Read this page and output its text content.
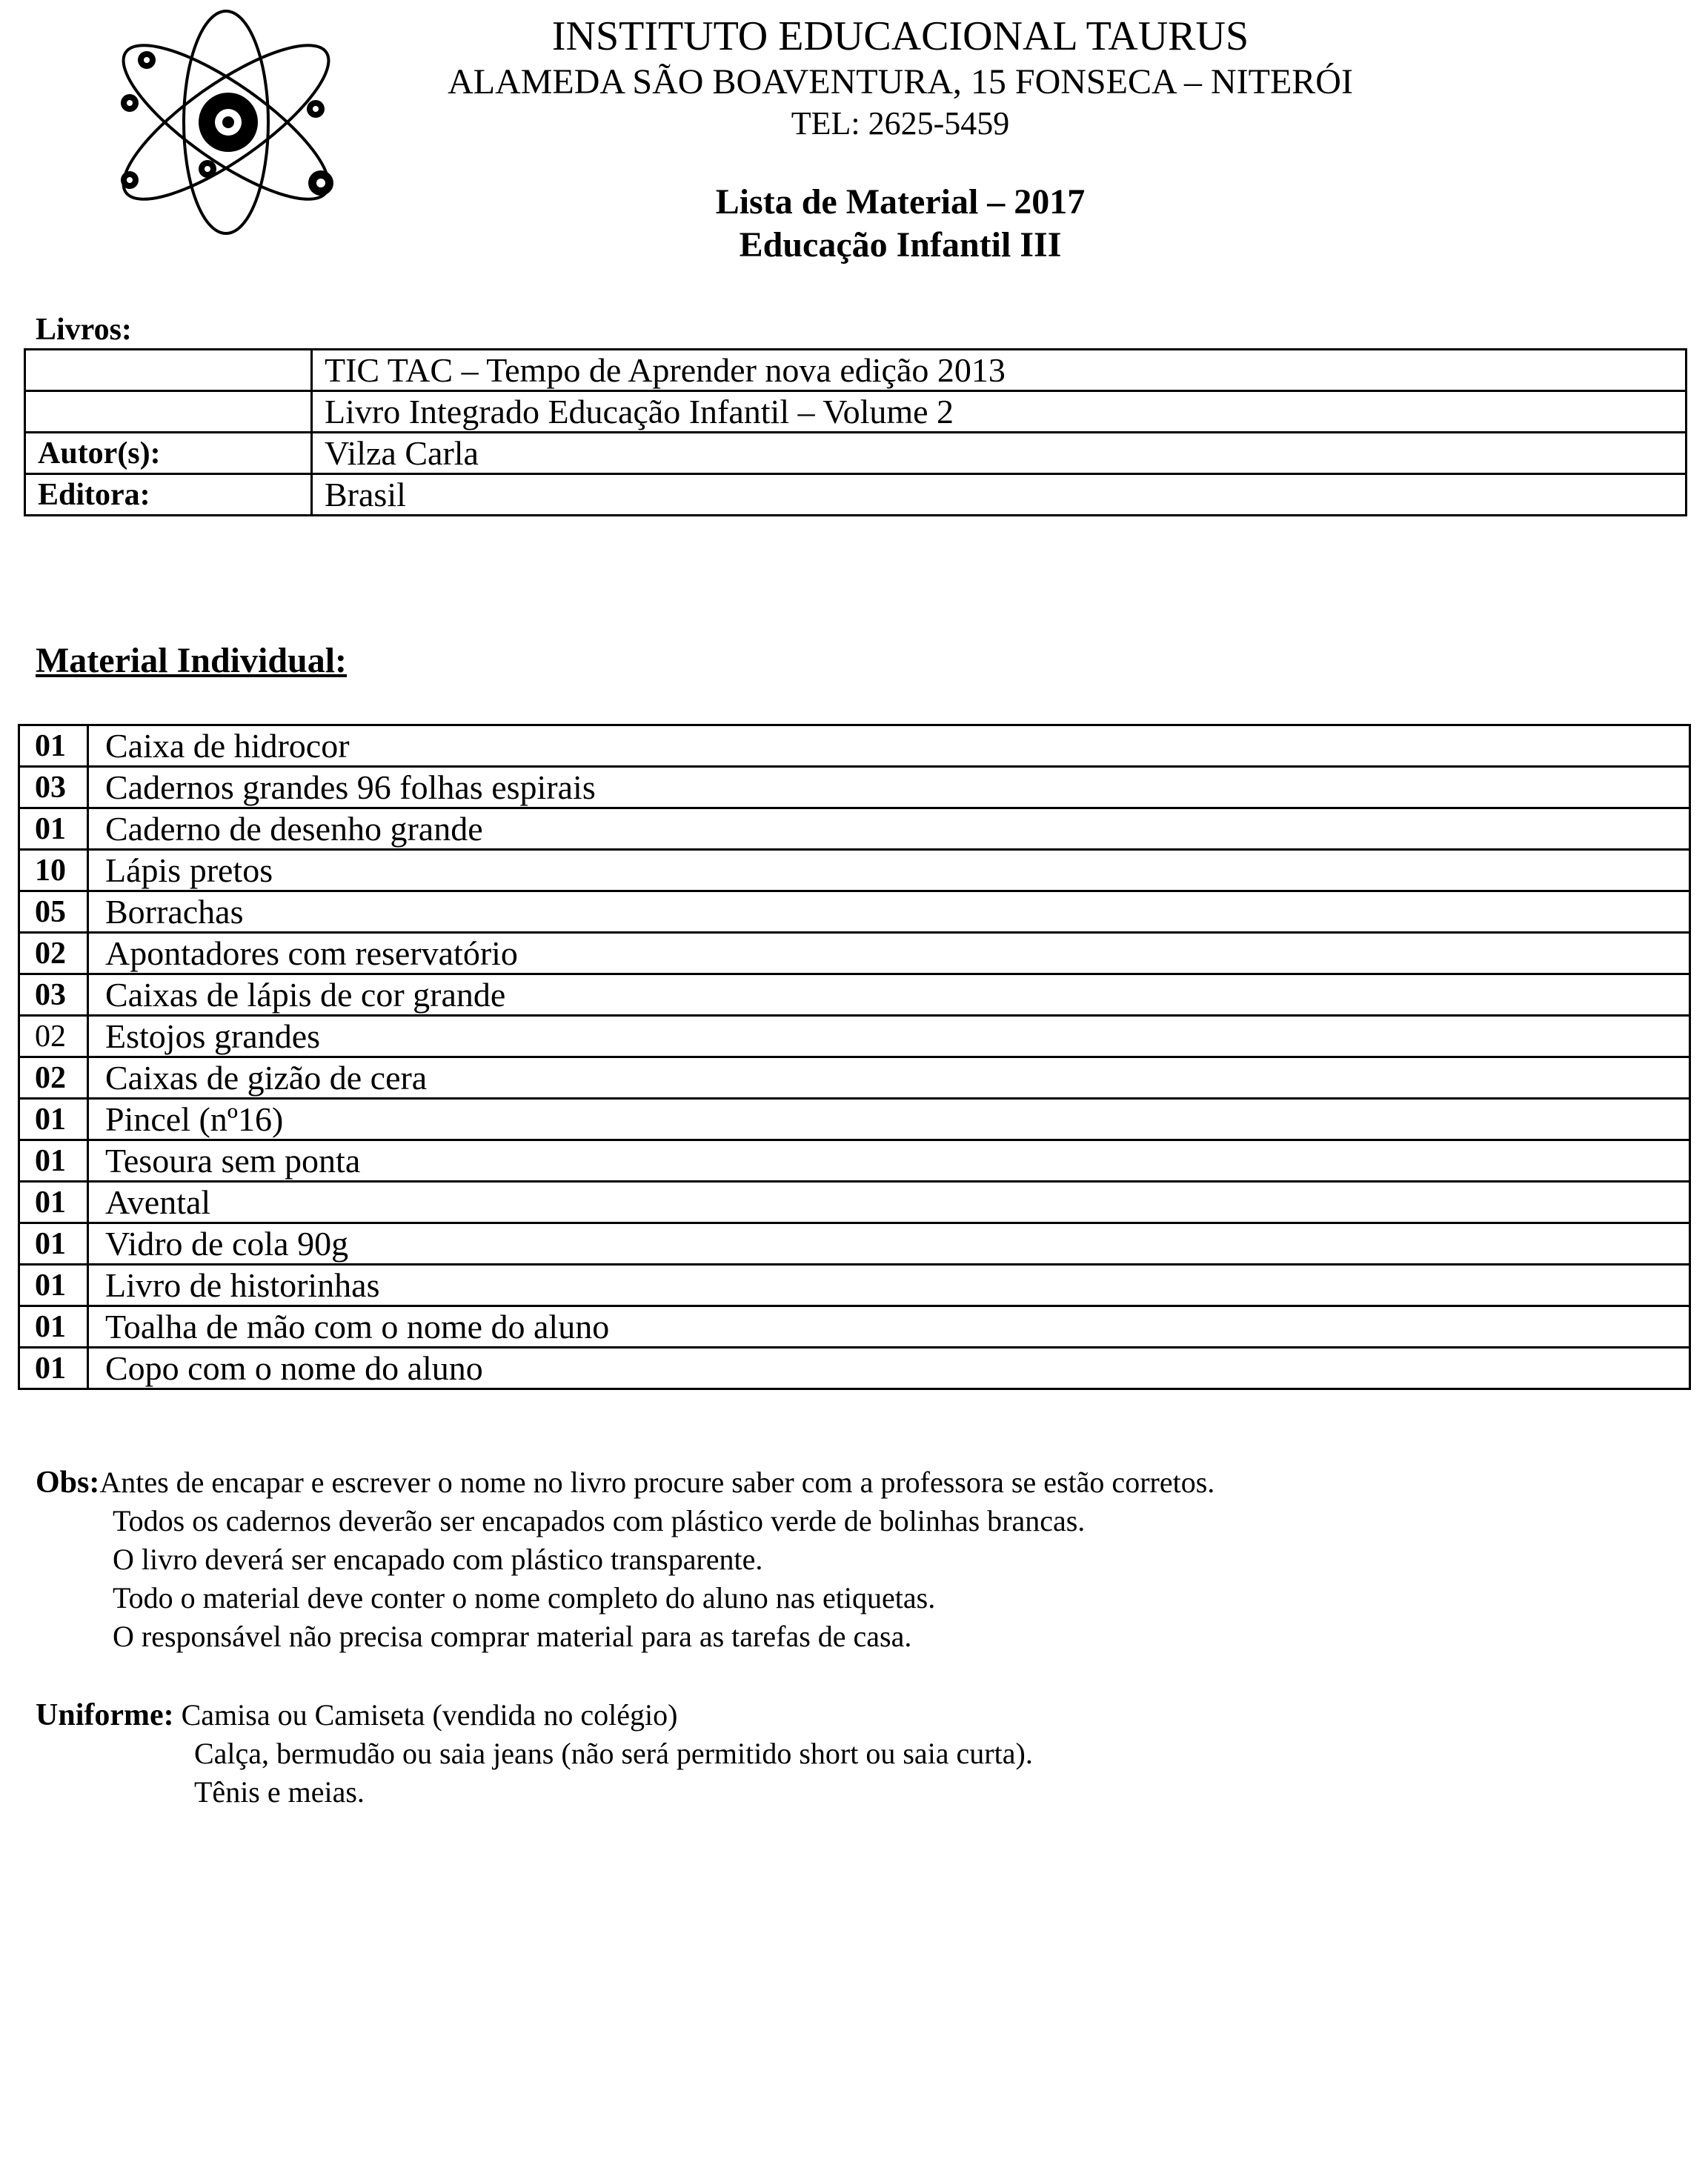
INSTITUTO EDUCACIONAL TAURUS
ALAMEDA SÃO BOAVENTURA, 15 FONSECA – NITERÓI
TEL: 2625-5459
Lista de Material – 2017
Educação Infantil III
Livros:
	TIC TAC – Tempo de Aprender nova edição 2013
	Livro Integrado Educação Infantil – Volume 2
Autor(s):	Vilza Carla
Editora:	Brasil
Material Individual:
01	Caixa de hidrocor
03	Cadernos grandes 96 folhas espirais
01	Caderno de desenho grande
10	Lápis pretos
05	Borrachas
02	Apontadores com reservatório
03	Caixas de lápis de cor grande
02	Estojos grandes
02	Caixas de gizão de cera
01	Pincel (nº16)
01	Tesoura sem ponta
01	Avental
01	Vidro de cola 90g
01	Livro de historinhas
01	Toalha de mão com o nome do aluno
01	Copo com o nome do aluno
Obs:Antes de encapar e escrever o nome no livro procure saber com a professora se estão corretos.
Todos os cadernos deverão ser encapados com plástico verde de bolinhas brancas.
O livro deverá ser encapado com plástico transparente.
Todo o material deve conter o nome completo do aluno nas etiquetas.
O responsável não precisa comprar material para as tarefas de casa.
Uniforme: Camisa ou Camiseta (vendida no colégio)
Calça, bermudão ou saia jeans (não será permitido short ou saia curta).
Tênis e meias.
